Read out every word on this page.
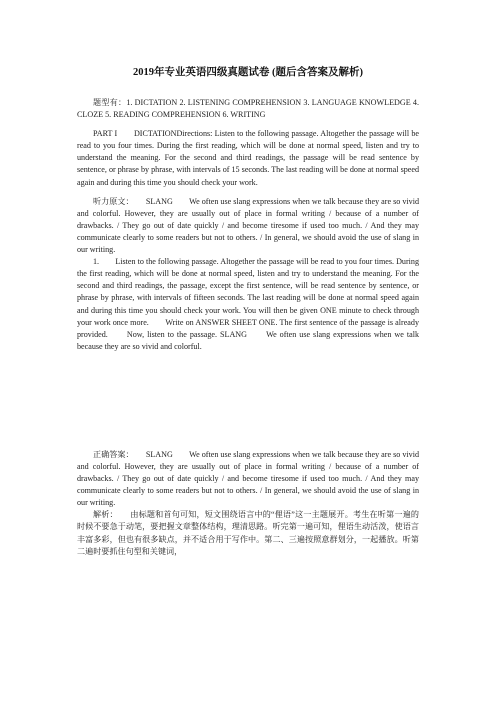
2019年专业英语四级真题试卷 (题后含答案及解析)

题型有：1. DICTATION 2. LISTENING COMPREHENSION 3. LANGUAGE KNOWLEDGE 4. CLOZE 5. READING COMPREHENSION 6. WRITING

PART I　　DICTATIONDirections: Listen to the following passage. Altogether the passage will be read to you four times. During the first reading, which will be done at normal speed, listen and try to understand the meaning. For the second and third readings, the passage will be read sentence by sentence, or phrase by phrase, with intervals of 15 seconds. The last reading will be done at normal speed again and during this time you should check your work.

听力原文：　　SLANG　　We often use slang expressions when we talk because they are so vivid and colorful. However, they are usually out of place in formal writing / because of a number of drawbacks. / They go out of date quickly / and become tiresome if used too much. / And they may communicate clearly to some readers but not to others. / In general, we should avoid the use of slang in our writing.

1.　　Listen to the following passage. Altogether the passage will be read to you four times. During the first reading, which will be done at normal speed, listen and try to understand the meaning. For the second and third readings, the passage, except the first sentence, will be read sentence by sentence, or phrase by phrase, with intervals of fifteen seconds. The last reading will be done at normal speed again and during this time you should check your work. You will then be given ONE minute to check through your work once more.　　Write on ANSWER SHEET ONE. The first sentence of the passage is already provided.　　Now, listen to the passage. SLANG　　We often use slang expressions when we talk because they are so vivid and colorful.

正确答案：　　SLANG　　We often use slang expressions when we talk because they are so vivid and colorful. However, they are usually out of place in formal writing / because of a number of drawbacks. / They go out of date quickly / and become tiresome if used too much. / And they may communicate clearly to some readers but not to others. / In general, we should avoid the use of slang in our writing.

解析：　　由标题和首句可知，短文围绕语言中的“俚语”这一主题展开。考生在听第一遍的时候不要急于动笔，要把握文章整体结构，理清思路。听完第一遍可知，俚语生动活泼，使语言丰富多彩，但也有很多缺点，并不适合用于写作中。第二、三遍按照意群划分，一起播放。听第二遍时要抓住句型和关键词，
